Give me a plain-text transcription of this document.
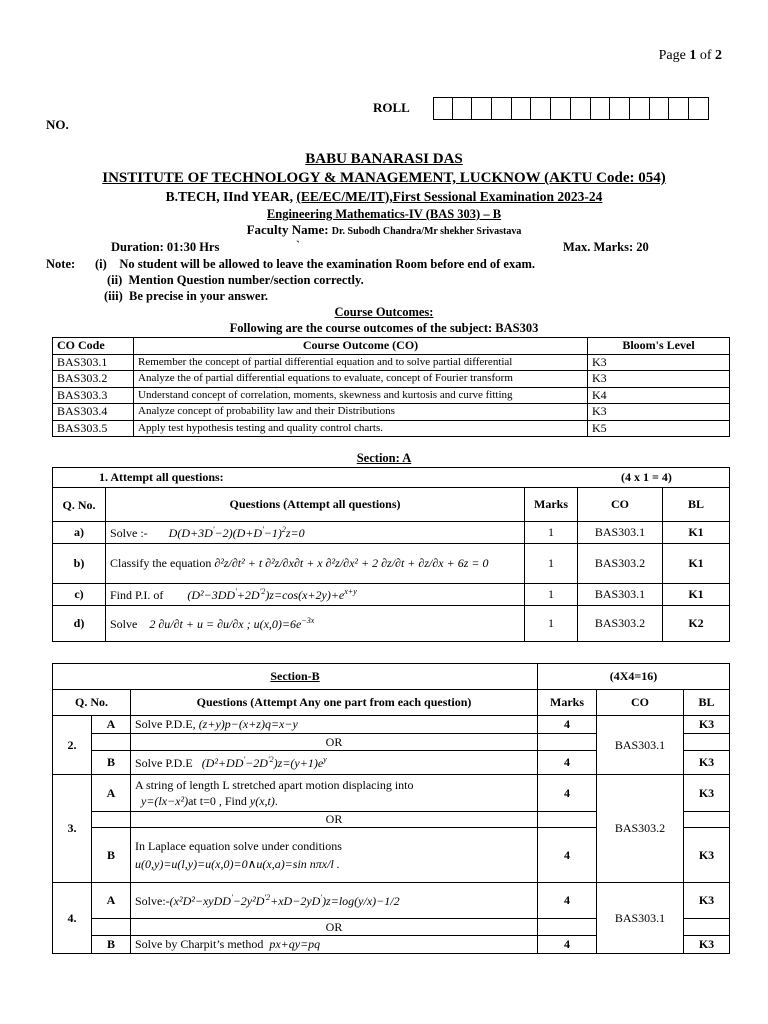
Page 1 of 2
ROLL
NO.
BABU BANARASI DAS
INSTITUTE OF TECHNOLOGY & MANAGEMENT, LUCKNOW (AKTU Code: 054)
B.TECH, IInd YEAR, (EE/EC/ME/IT),First Sessional Examination 2023-24
Engineering Mathematics-IV (BAS 303) – B
Faculty Name: Dr. Subodh Chandra/Mr shekher Srivastava
Duration: 01:30 Hrs	`	Max. Marks: 20
Note: (i) No student will be allowed to leave the examination Room before end of exam.
(ii) Mention Question number/section correctly.
(iii) Be precise in your answer.
Course Outcomes:
Following are the course outcomes of the subject: BAS303
CO Code	Course Outcome (CO)	Bloom's Level
BAS303.1	Remember the concept of partial differential equation and to solve partial differential	K3
BAS303.2	Analyze the of partial differential equations to evaluate, concept of Fourier transform	K3
BAS303.3	Understand concept of correlation, moments, skewness and kurtosis and curve fitting	K4
BAS303.4	Analyze concept of probability law and their Distributions	K3
BAS303.5	Apply test hypothesis testing and quality control charts.	K5
Section: A
1. Attempt all questions: (4 x 1 = 4)				

Q. No.	Questions (Attempt all questions)	Marks	CO	BL
a)	Solve :- $D(D+3D'-2)(D+D'-1)^2z=0$	1	BAS303.1	K1
b)	Classify the equation ∂²z/∂t² + t ∂²z/∂x∂t + x ∂²z/∂x² + 2 ∂z/∂t + ∂z/∂x + 6z = 0	1	BAS303.2	K1
c)	Find P.I. of $(D^2-3DD'+2D^{'2})z=\cos(x+2y)+e^{x+y}$	1	BAS303.1	K1
d)	Solve 2 ∂u/∂t + u = ∂u/∂x ; $u(x,0)=6e^{-3x}$	1	BAS303.2	K2
Section-B			(4X4=16)		
Q. No.		Questions (Attempt Any one part from each question)	Marks	CO	BL
2.	A	Solve P.D.E, (z+y)p−(x+z)q=x−y	4	BAS303.1	K3
		OR			
	B	Solve P.D.E $(D^2+DD'-2D^{'2})z=(y+1)e^y$	4		K3
3.	A	A string of length L stretched apart motion displacing into
y=(lx−x²)at t=0 , Find y(x,t).	4	BAS303.2	K3
		OR			
	B	In Laplace equation solve under conditions
u(0,y)=u(l,y)=u(x,0)=0∧u(x,a)=sin nπx/l .	4		K3
4.	A	$Solve:-(x^2D^2-xyDD'-2y^2D^{'2}+xD-2yD')z=\log(y/x)-1/2$	4	BAS303.1	K3
		OR			
	B	Solve by Charpit’s method px+qy=pq	4		K3
